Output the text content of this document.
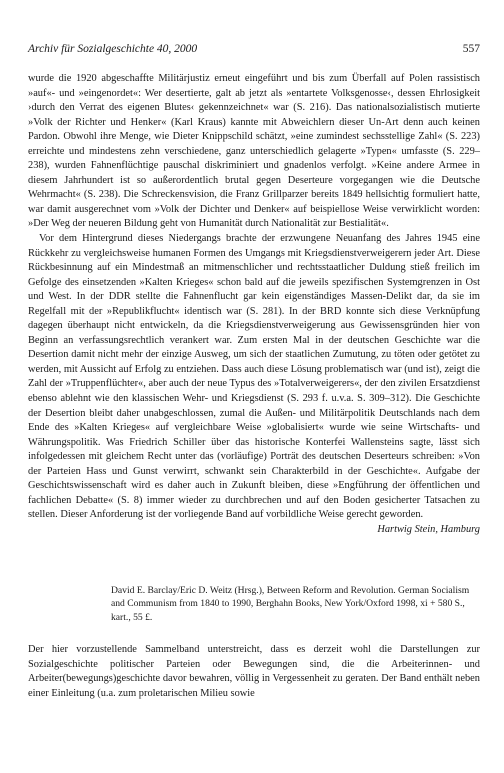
Archiv für Sozialgeschichte 40, 2000	557

wurde die 1920 abgeschaffte Militärjustiz erneut eingeführt und bis zum Überfall auf Polen rassistisch »auf«- und »eingenordet«: Wer desertierte, galt ab jetzt als »entartete Volksgenosse‹, dessen Ehrlosigkeit ›durch den Verrat des eigenen Blutes‹ gekennzeichnet« war (S. 216). Das nationalsozialistisch mutierte »Volk der Richter und Henker« (Karl Kraus) kannte mit Abweichlern dieser Un-Art denn auch keinen Pardon. Obwohl ihre Menge, wie Dieter Knippschild schätzt, »eine zumindest sechsstellige Zahl« (S. 223) erreichte und mindestens zehn verschiedene, ganz unterschiedlich gelagerte »Typen« umfasste (S. 229–238), wurden Fahnenflüchtige pauschal diskriminiert und gnadenlos verfolgt. »Keine andere Armee in diesem Jahrhundert ist so außerordentlich brutal gegen Deserteure vorgegangen wie die Deutsche Wehrmacht« (S. 238). Die Schreckensvision, die Franz Grillparzer bereits 1849 hellsichtig formuliert hatte, war damit ausgerechnet vom »Volk der Dichter und Denker« auf beispiellose Weise verwirklicht worden: »Der Weg der neueren Bildung geht von Humanität durch Nationalität zur Bestialität«.

Vor dem Hintergrund dieses Niedergangs brachte der erzwungene Neuanfang des Jahres 1945 eine Rückkehr zu vergleichsweise humanen Formen des Umgangs mit Kriegsdienstverweigerern jeder Art. Diese Rückbesinnung auf ein Mindestmaß an mitmenschlicher und rechtsstaatlicher Duldung stieß freilich im Gefolge des einsetzenden »Kalten Krieges« schon bald auf die jeweils spezifischen Systemgrenzen in Ost und West. In der DDR stellte die Fahnenflucht gar kein eigenständiges Massen-Delikt dar, da sie im Regelfall mit der »Republikflucht« identisch war (S. 281). In der BRD konnte sich diese Verknüpfung dagegen überhaupt nicht entwickeln, da die Kriegsdienstverweigerung aus Gewissensgründen hier von Beginn an verfassungsrechtlich verankert war. Zum ersten Mal in der deutschen Geschichte war die Desertion damit nicht mehr der einzige Ausweg, um sich der staatlichen Zumutung, zu töten oder getötet zu werden, mit Aussicht auf Erfolg zu entziehen. Dass auch diese Lösung problematisch war (und ist), zeigt die Zahl der »Truppenflüchter«, aber auch der neue Typus des »Totalverweigerers«, der den zivilen Ersatzdienst ebenso ablehnt wie den klassischen Wehr- und Kriegsdienst (S. 293 f. u.v.a. S. 309–312). Die Geschichte der Desertion bleibt daher unabgeschlossen, zumal die Außen- und Militärpolitik Deutschlands nach dem Ende des »Kalten Krieges« auf vergleichbare Weise »globalisiert« wurde wie seine Wirtschafts- und Währungspolitik. Was Friedrich Schiller über das historische Konterfei Wallensteins sagte, lässt sich infolgedessen mit gleichem Recht unter das (vorläufige) Porträt des deutschen Deserteurs schreiben: »Von der Parteien Hass und Gunst verwirrt, schwankt sein Charakterbild in der Geschichte«. Aufgabe der Geschichtswissenschaft wird es daher auch in Zukunft bleiben, diese »Engführung der öffentlichen und fachlichen Debatte« (S. 8) immer wieder zu durchbrechen und auf den Boden gesicherter Tatsachen zu stellen. Dieser Anforderung ist der vorliegende Band auf vorbildliche Weise gerecht geworden.

Hartwig Stein, Hamburg

David E. Barclay/Eric D. Weitz (Hrsg.), Between Reform and Revolution. German Socialism and Communism from 1840 to 1990, Berghahn Books, New York/Oxford 1998, xi + 580 S., kart., 55 £.

Der hier vorzustellende Sammelband unterstreicht, dass es derzeit wohl die Darstellungen zur Sozialgeschichte politischer Parteien oder Bewegungen sind, die die Arbeiterinnen- und Arbeiter(bewegungs)geschichte davor bewahren, völlig in Vergessenheit zu geraten. Der Band enthält neben einer Einleitung (u.a. zum proletarischen Milieu sowie
